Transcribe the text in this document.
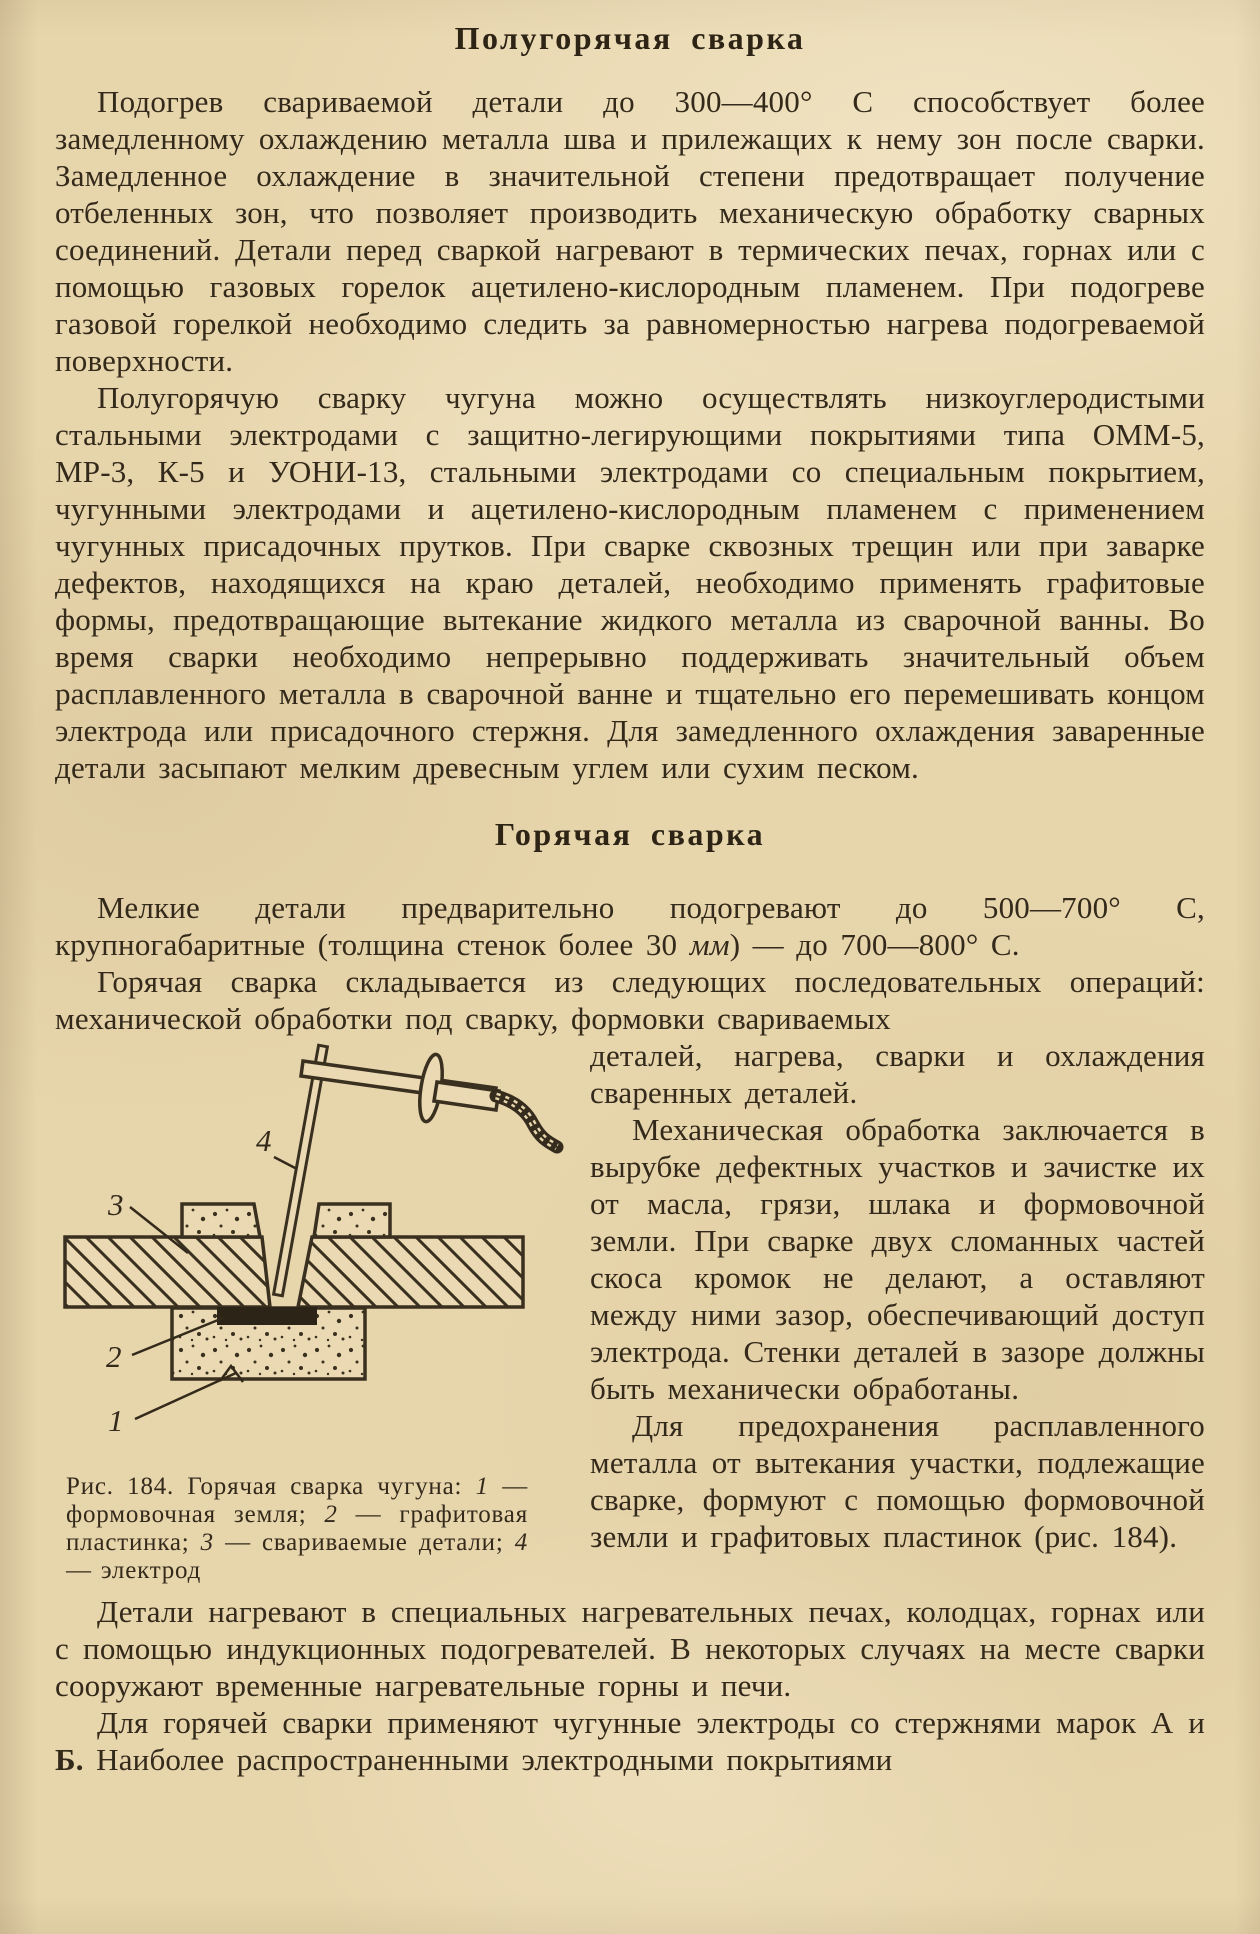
Полугорячая сварка

Подогрев свариваемой детали до 300—400° С способствует более замедленному охлаждению металла шва и прилежащих к нему зон после сварки. Замедленное охлаждение в значительной степени предотвращает получение отбеленных зон, что позволяет производить механическую обработку сварных соединений. Детали перед сваркой нагревают в термических печах, горнах или с помощью газовых горелок ацетилено-кислородным пламенем. При подогреве газовой горелкой необходимо следить за равномерностью нагрева подогреваемой поверхности.

Полугорячую сварку чугуна можно осуществлять низкоуглеродистыми стальными электродами с защитно-легирующими покрытиями типа ОММ-5, МР-3, К-5 и УОНИ-13, стальными электродами со специальным покрытием, чугунными электродами и ацетилено-кислородным пламенем с применением чугунных присадочных прутков. При сварке сквозных трещин или при заварке дефектов, находящихся на краю деталей, необходимо применять графитовые формы, предотвращающие вытекание жидкого металла из сварочной ванны. Во время сварки необходимо непрерывно поддерживать значительный объем расплавленного металла в сварочной ванне и тщательно его перемешивать концом электрода или присадочного стержня. Для замедленного охлаждения заваренные детали засыпают мелким древесным углем или сухим песком.

Горячая сварка

Мелкие детали предварительно подогревают до 500—700° С, крупногабаритные (толщина стенок более 30 мм) — до 700—800° С.

Горячая сварка складывается из следующих последовательных операций: механической обработки под сварку, формовки свариваемых

3
4
2
1

Рис. 184. Горячая сварка чугуна: 1 — формовочная земля; 2 — графитовая пластинка; 3 — свариваемые детали; 4 — электрод

деталей, нагрева, сварки и охлаждения сваренных деталей.

Механическая обработка заключается в вырубке дефектных участков и зачистке их от масла, грязи, шлака и формовочной земли. При сварке двух сломанных частей скоса кромок не делают, а оставляют между ними зазор, обеспечивающий доступ электрода. Стенки деталей в зазоре должны быть механически обработаны.

Для предохранения расплавленного металла от вытекания участки, подлежащие сварке, формуют с помощью формовочной земли и графитовых пластинок (рис. 184).

Детали нагревают в специальных нагревательных печах, колодцах, горнах или с помощью индукционных подогревателей. В некоторых случаях на месте сварки сооружают временные нагревательные горны и печи.

Для горячей сварки применяют чугунные электроды со стержнями марок А и Б. Наиболее распространенными электродными покрытиями
